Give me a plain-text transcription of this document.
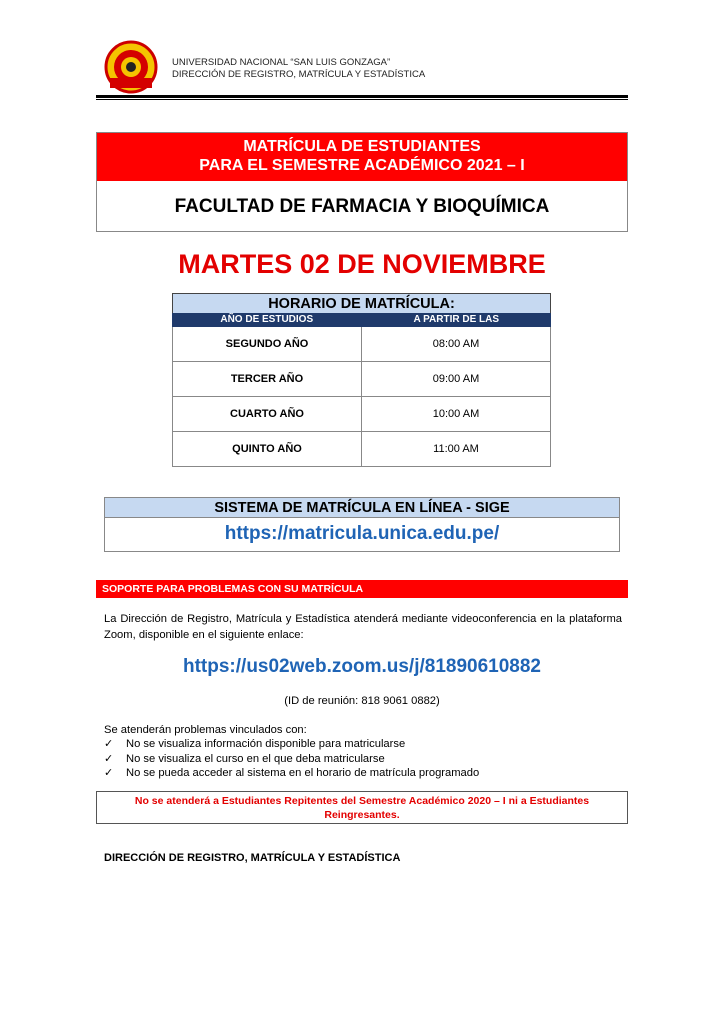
UNIVERSIDAD NACIONAL “SAN LUIS GONZAGA”
DIRECCIÓN DE REGISTRO, MATRÍCULA Y ESTADÍSTICA
MATRÍCULA DE ESTUDIANTES
PARA EL SEMESTRE ACADÉMICO 2021 – I
FACULTAD DE FARMACIA Y BIOQUÍMICA
MARTES 02 DE NOVIEMBRE
HORARIO DE MATRÍCULA:
AÑO DE ESTUDIOS	A PARTIR DE LAS
SEGUNDO AÑO	08:00 AM
TERCER AÑO	09:00 AM
CUARTO AÑO	10:00 AM
QUINTO AÑO	11:00 AM
SISTEMA DE MATRÍCULA EN LÍNEA - SIGE
https://matricula.unica.edu.pe/
SOPORTE PARA PROBLEMAS CON SU MATRÍCULA
La Dirección de Registro, Matrícula y Estadística atenderá mediante videoconferencia en la plataforma Zoom, disponible en el siguiente enlace:
https://us02web.zoom.us/j/81890610882
(ID de reunión: 818 9061 0882)
Se atenderán problemas vinculados con:
✓	No se visualiza información disponible para matricularse
✓	No se visualiza el curso en el que deba matricularse
✓	No se pueda acceder al sistema en el horario de matrícula programado
No se atenderá a Estudiantes Repitentes del Semestre Académico 2020 – I ni a Estudiantes Reingresantes.
DIRECCIÓN DE REGISTRO, MATRÍCULA Y ESTADÍSTICA
